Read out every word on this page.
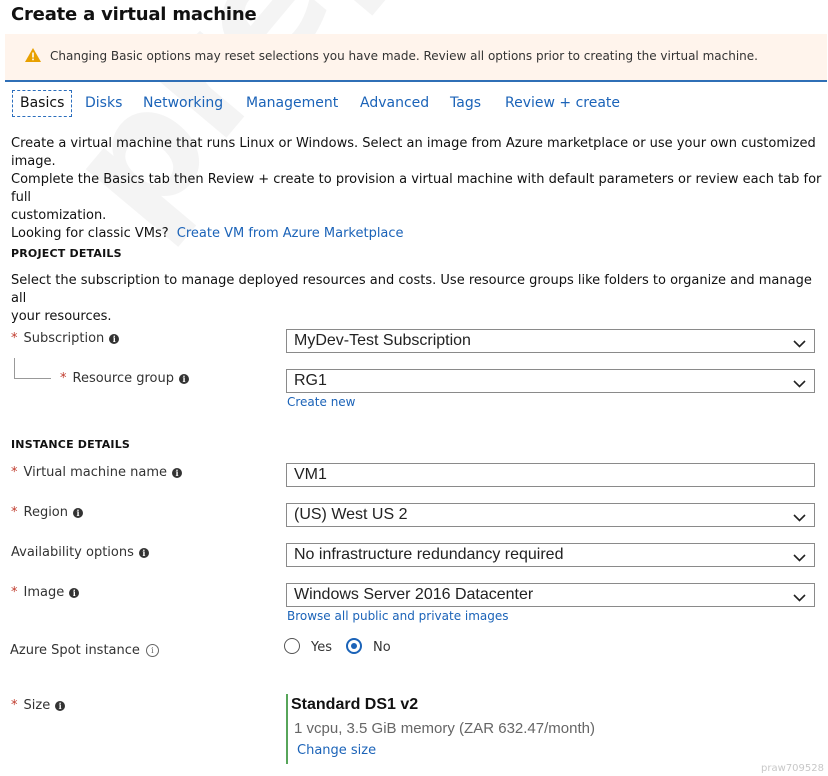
Create a virtual machine
Changing Basic options may reset selections you have made. Review all options prior to creating the virtual machine.
Basics	Disks Networking Management Advanced Tags Review + create
Create a virtual machine that runs Linux or Windows. Select an image from Azure marketplace or use your own customized
image.
Complete the Basics tab then Review + create to provision a virtual machine with default parameters or review each tab for full
customization.
Looking for classic VMs? Create VM from Azure Marketplace
PROJECT DETAILS
Select the subscription to manage deployed resources and costs. Use resource groups like folders to organize and manage all
your resources.
* Subscription i	MyDev-Test Subscription
* Resource group i	RG1
Create new
INSTANCE DETAILS
* Virtual machine name i	VM1
* Region i	(US) West US 2
Availability options i	No infrastructure redundancy required
* Image i	Windows Server 2016 Datacenter
Browse all public and private images
Azure Spot instance i	Yes	No
* Size i	Standard DS1 v2
1 vcpu, 3.5 GiB memory (ZAR 632.47/month)
Change size
praw709528
